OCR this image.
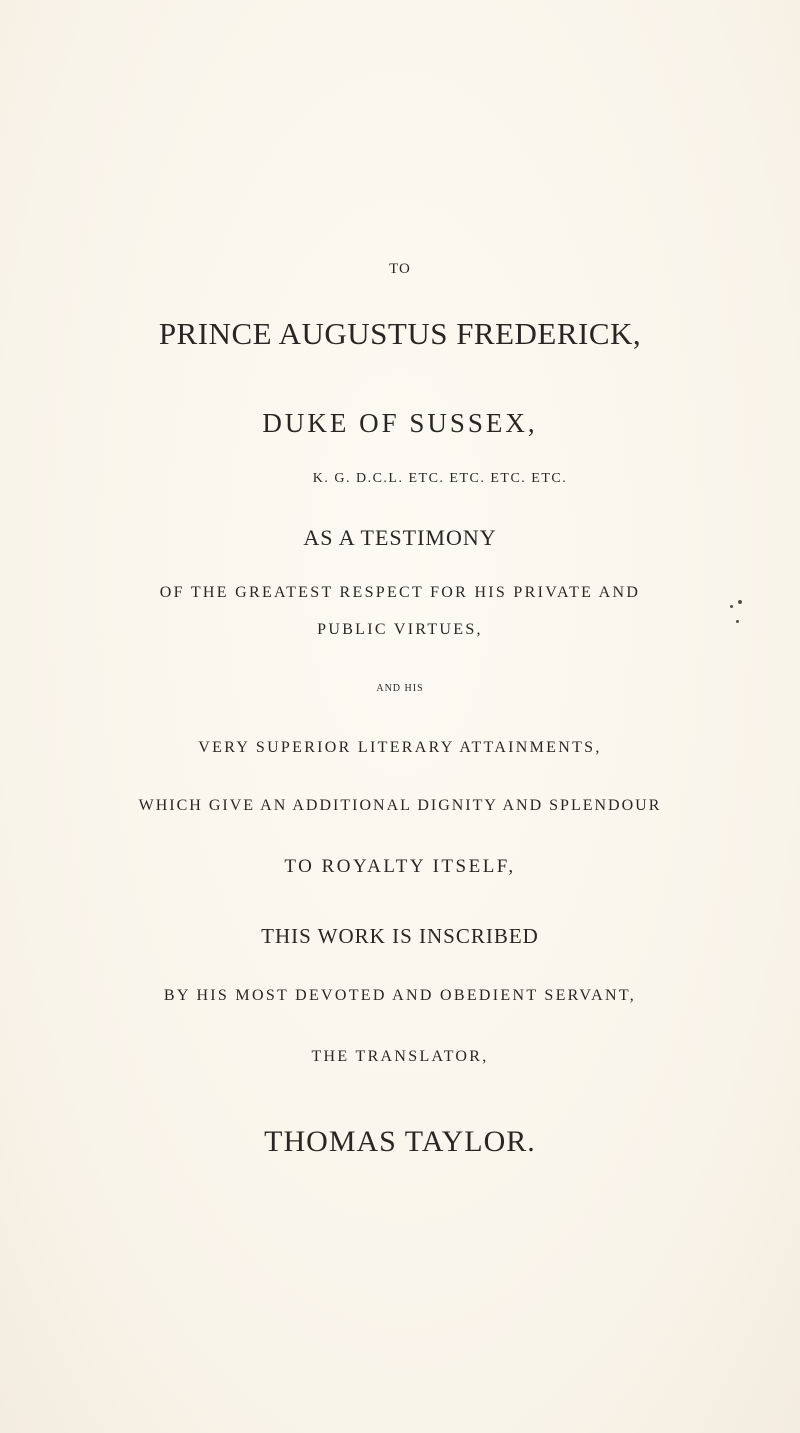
TO
PRINCE AUGUSTUS FREDERICK,
DUKE OF SUSSEX,
K. G. D.C.L. ETC. ETC. ETC. ETC.
AS A TESTIMONY
OF THE GREATEST RESPECT FOR HIS PRIVATE AND
PUBLIC VIRTUES,
AND HIS
VERY SUPERIOR LITERARY ATTAINMENTS,
WHICH GIVE AN ADDITIONAL DIGNITY AND SPLENDOUR
TO ROYALTY ITSELF,
THIS WORK IS INSCRIBED
BY HIS MOST DEVOTED AND OBEDIENT SERVANT,
THE TRANSLATOR,
THOMAS TAYLOR.
